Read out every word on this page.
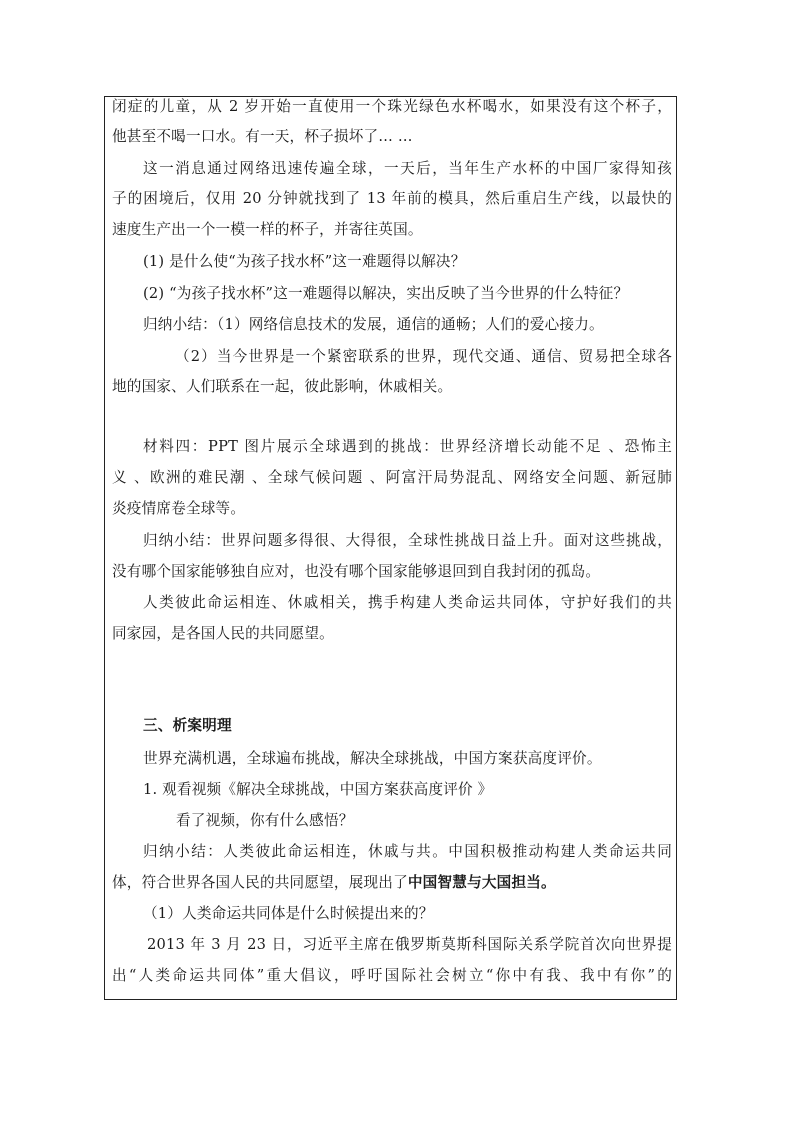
闭症的儿童，从 2 岁开始一直使用一个珠光绿色水杯喝水，如果没有这个杯子，
他甚至不喝一口水。有一天，杯子损坏了… …
这一消息通过网络迅速传遍全球，一天后，当年生产水杯的中国厂家得知孩
子的困境后，仅用 20 分钟就找到了 13 年前的模具，然后重启生产线，以最快的
速度生产出一个一模一样的杯子，并寄往英国。
(1) 是什么使“为孩子找水杯”这一难题得以解决？
(2) “为孩子找水杯”这一难题得以解决，实出反映了当今世界的什么特征？
归纳小结：（1）网络信息技术的发展，通信的通畅；人们的爱心接力。
（2）当今世界是一个紧密联系的世界，现代交通、通信、贸易把全球各
地的国家、人们联系在一起，彼此影响，休戚相关。
材料四：PPT 图片展示全球遇到的挑战：世界经济增长动能不足 、恐怖主
义 、欧洲的难民潮 、全球气候问题 、阿富汗局势混乱、网络安全问题、新冠肺
炎疫情席卷全球等。
归纳小结：世界问题多得很、大得很，全球性挑战日益上升。面对这些挑战，
没有哪个国家能够独自应对，也没有哪个国家能够退回到自我封闭的孤岛。
人类彼此命运相连、休戚相关，携手构建人类命运共同体，守护好我们的共
同家园，是各国人民的共同愿望。
三、析案明理
世界充满机遇，全球遍布挑战，解决全球挑战，中国方案获高度评价。
1. 观看视频《解决全球挑战，中国方案获高度评价 》
看了视频，你有什么感悟？
归纳小结：人类彼此命运相连，休戚与共。中国积极推动构建人类命运共同
体，符合世界各国人民的共同愿望，展现出了中国智慧与大国担当。
（1）人类命运共同体是什么时候提出来的？
2013 年 3 月 23 日，习近平主席在俄罗斯莫斯科国际关系学院首次向世界提
出“人类命运共同体”重大倡议，呼吁国际社会树立“你中有我、我中有你”的
